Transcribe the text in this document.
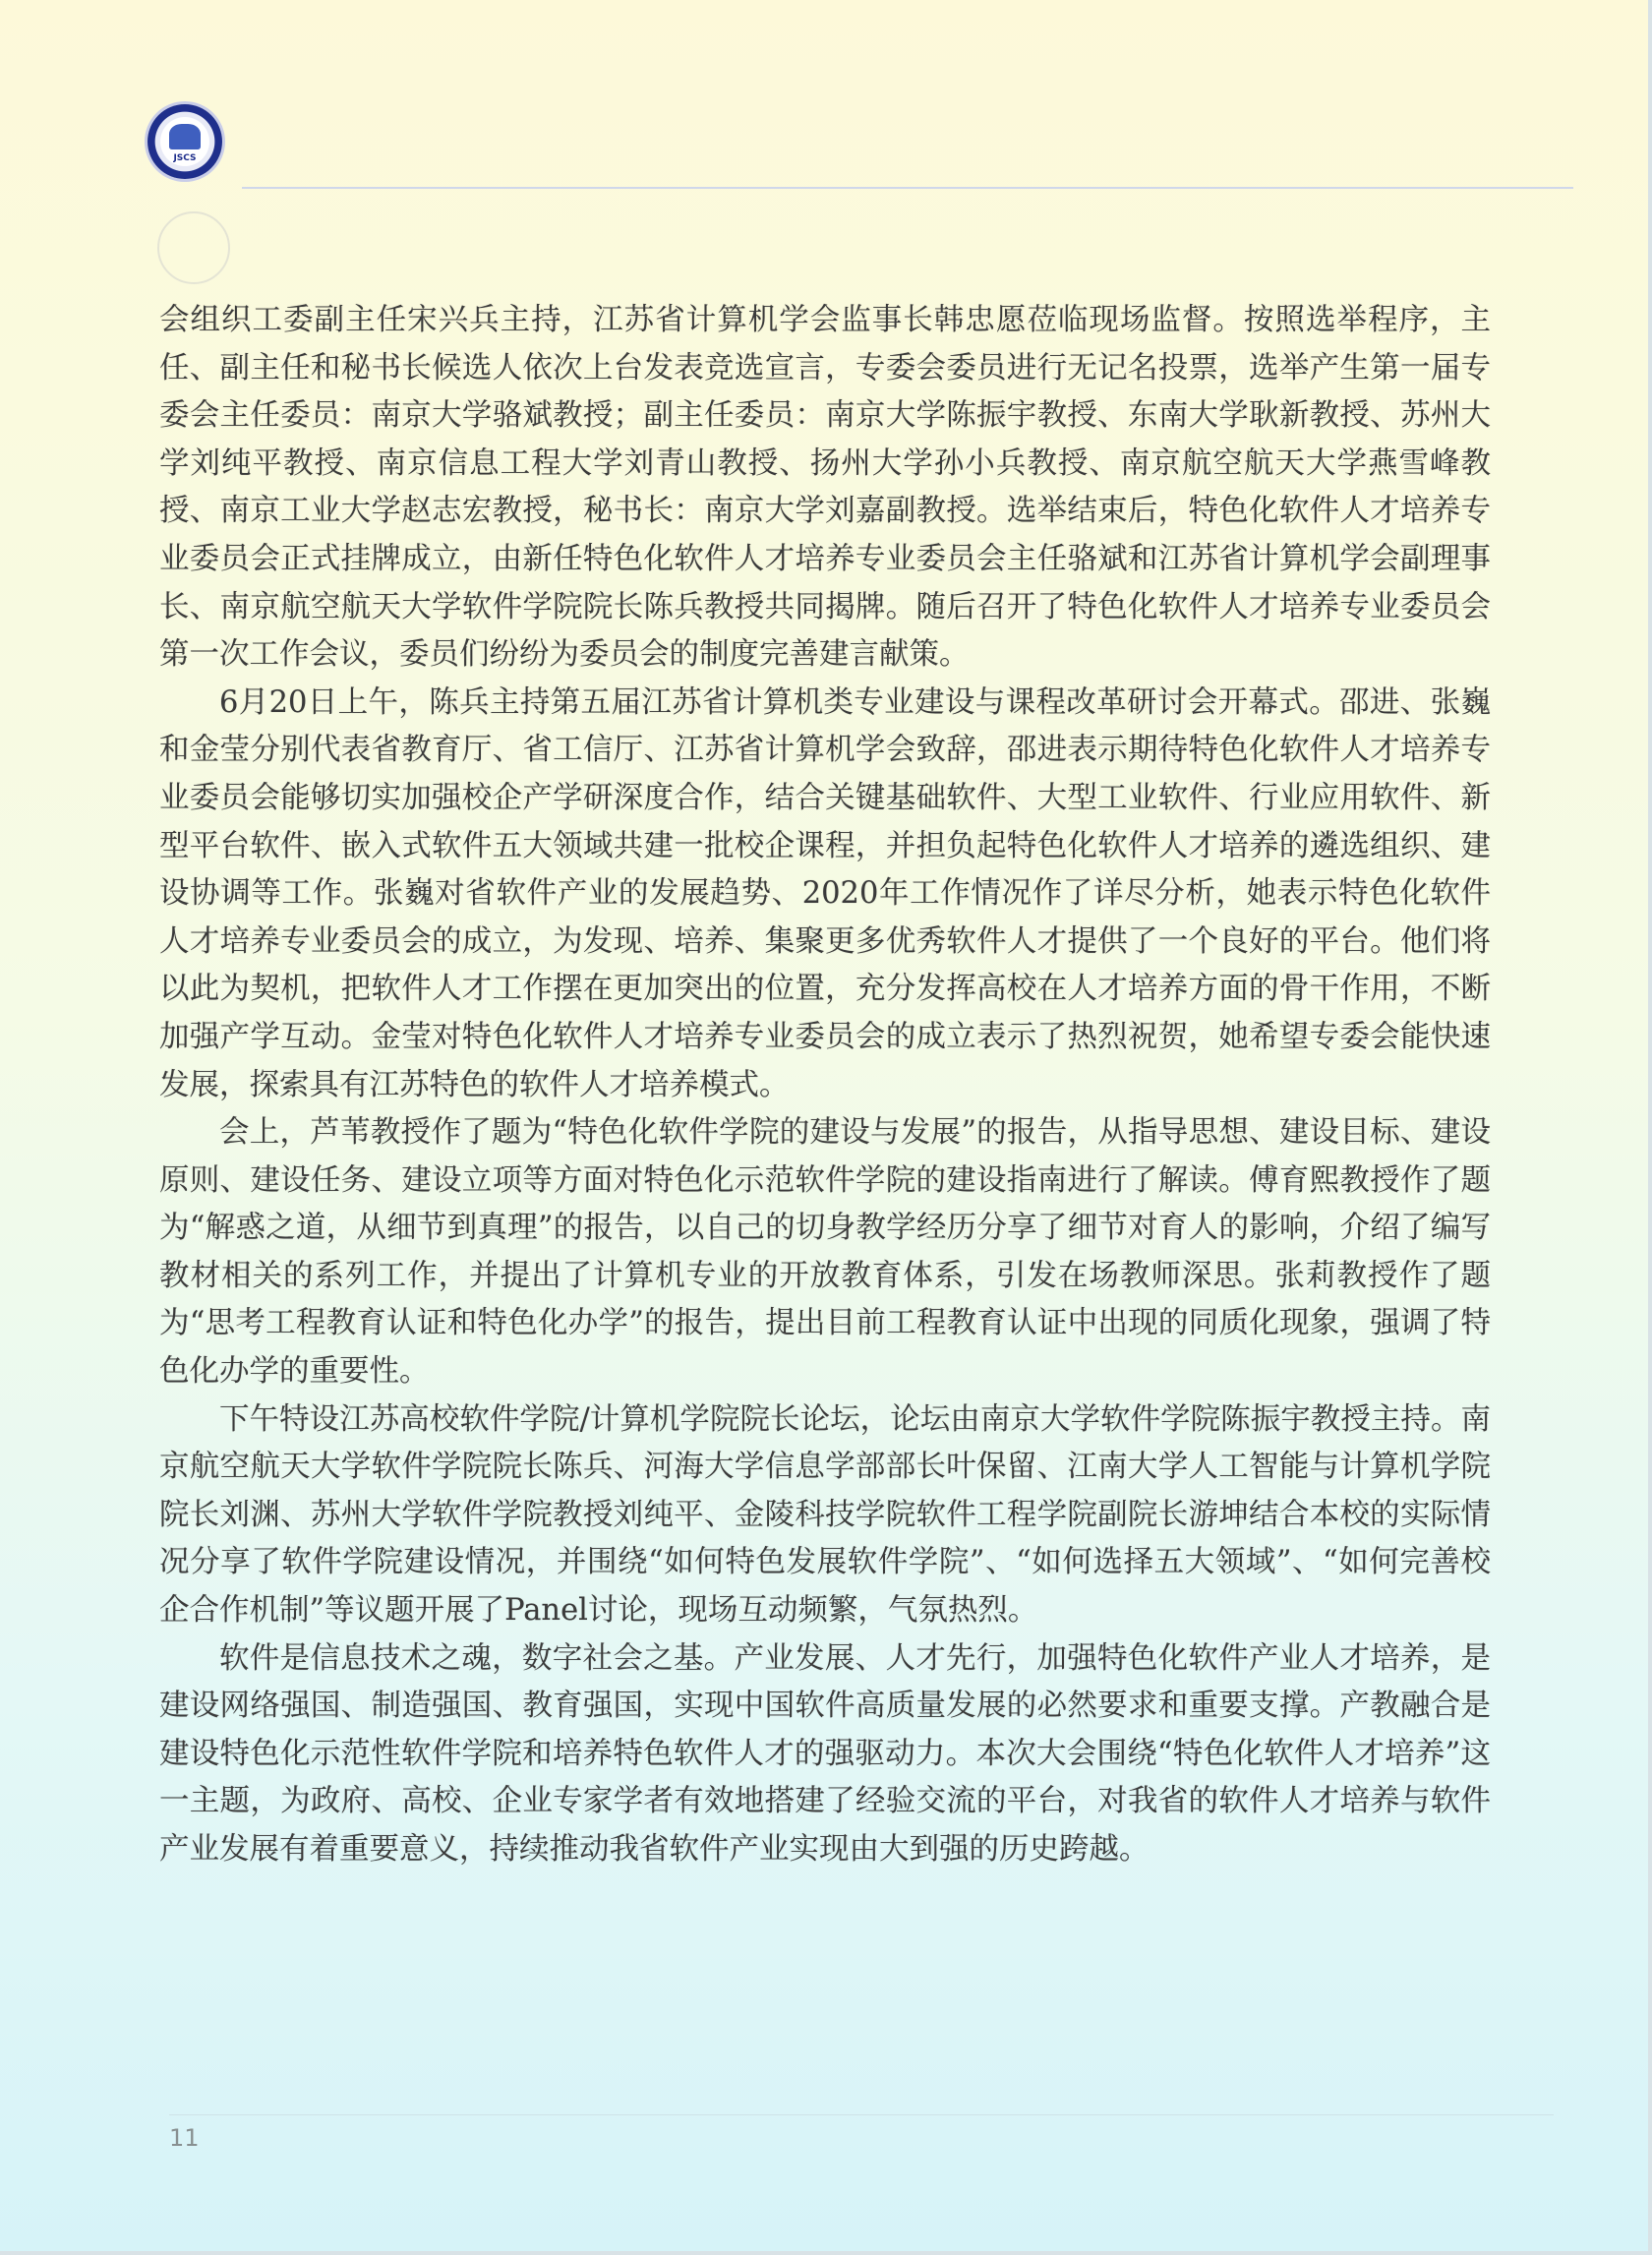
JSCS

会组织工委副主任宋兴兵主持，江苏省计算机学会监事长韩忠愿莅临现场监督。按照选举程序，主任、副主任和秘书长候选人依次上台发表竞选宣言，专委会委员进行无记名投票，选举产生第一届专委会主任委员：南京大学骆斌教授；副主任委员：南京大学陈振宇教授、东南大学耿新教授、苏州大学刘纯平教授、南京信息工程大学刘青山教授、扬州大学孙小兵教授、南京航空航天大学燕雪峰教授、南京工业大学赵志宏教授，秘书长：南京大学刘嘉副教授。选举结束后，特色化软件人才培养专业委员会正式挂牌成立，由新任特色化软件人才培养专业委员会主任骆斌和江苏省计算机学会副理事长、南京航空航天大学软件学院院长陈兵教授共同揭牌。随后召开了特色化软件人才培养专业委员会第一次工作会议，委员们纷纷为委员会的制度完善建言献策。

6月20日上午，陈兵主持第五届江苏省计算机类专业建设与课程改革研讨会开幕式。邵进、张巍和金莹分别代表省教育厅、省工信厅、江苏省计算机学会致辞，邵进表示期待特色化软件人才培养专业委员会能够切实加强校企产学研深度合作，结合关键基础软件、大型工业软件、行业应用软件、新型平台软件、嵌入式软件五大领域共建一批校企课程，并担负起特色化软件人才培养的遴选组织、建设协调等工作。张巍对省软件产业的发展趋势、2020年工作情况作了详尽分析，她表示特色化软件人才培养专业委员会的成立，为发现、培养、集聚更多优秀软件人才提供了一个良好的平台。他们将以此为契机，把软件人才工作摆在更加突出的位置，充分发挥高校在人才培养方面的骨干作用，不断加强产学互动。金莹对特色化软件人才培养专业委员会的成立表示了热烈祝贺，她希望专委会能快速发展，探索具有江苏特色的软件人才培养模式。

会上，芦苇教授作了题为“特色化软件学院的建设与发展”的报告，从指导思想、建设目标、建设原则、建设任务、建设立项等方面对特色化示范软件学院的建设指南进行了解读。傅育熙教授作了题为“解惑之道，从细节到真理”的报告，以自己的切身教学经历分享了细节对育人的影响，介绍了编写教材相关的系列工作，并提出了计算机专业的开放教育体系，引发在场教师深思。张莉教授作了题为“思考工程教育认证和特色化办学”的报告，提出目前工程教育认证中出现的同质化现象，强调了特色化办学的重要性。

下午特设江苏高校软件学院/计算机学院院长论坛，论坛由南京大学软件学院陈振宇教授主持。南京航空航天大学软件学院院长陈兵、河海大学信息学部部长叶保留、江南大学人工智能与计算机学院院长刘渊、苏州大学软件学院教授刘纯平、金陵科技学院软件工程学院副院长游坤结合本校的实际情况分享了软件学院建设情况，并围绕“如何特色发展软件学院”、“如何选择五大领域”、“如何完善校企合作机制”等议题开展了Panel讨论，现场互动频繁，气氛热烈。

软件是信息技术之魂，数字社会之基。产业发展、人才先行，加强特色化软件产业人才培养，是建设网络强国、制造强国、教育强国，实现中国软件高质量发展的必然要求和重要支撑。产教融合是建设特色化示范性软件学院和培养特色软件人才的强驱动力。本次大会围绕“特色化软件人才培养”这一主题，为政府、高校、企业专家学者有效地搭建了经验交流的平台，对我省的软件人才培养与软件产业发展有着重要意义，持续推动我省软件产业实现由大到强的历史跨越。

11
